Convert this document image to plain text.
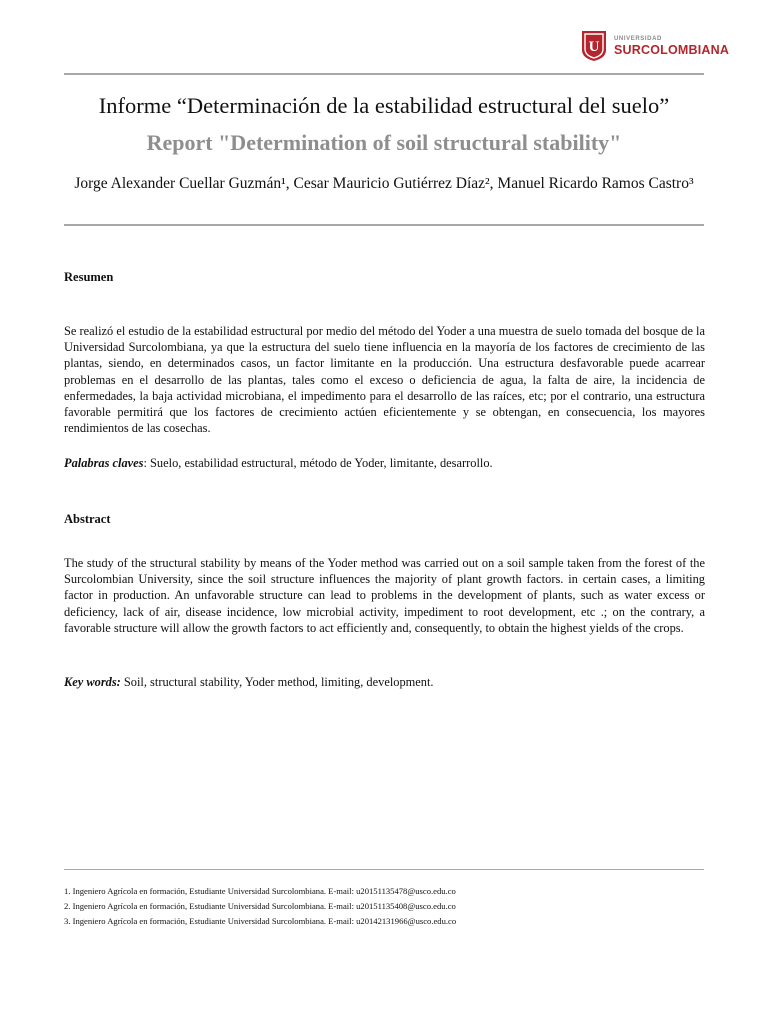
U
UNIVERSIDAD
SURCOLOMBIANA
Informe “Determinación de la estabilidad estructural del suelo”
Report "Determination of soil structural stability"

Jorge Alexander Cuellar Guzmán¹, Cesar Mauricio Gutiérrez Díaz², Manuel Ricardo Ramos Castro³

Resumen

Se realizó el estudio de la estabilidad estructural por medio del método del Yoder a una muestra de suelo tomada del bosque de la Universidad Surcolombiana, ya que la estructura del suelo tiene influencia en la mayoría de los factores de crecimiento de las plantas, siendo, en determinados casos, un factor limitante en la producción. Una estructura desfavorable puede acarrear problemas en el desarrollo de las plantas, tales como el exceso o deficiencia de agua, la falta de aire, la incidencia de enfermedades, la baja actividad microbiana, el impedimento para el desarrollo de las raíces, etc; por el contrario, una estructura favorable permitirá que los factores de crecimiento actúen eficientemente y se obtengan, en consecuencia, los mayores rendimientos de las cosechas.

Palabras claves: Suelo, estabilidad estructural, método de Yoder, limitante, desarrollo.

Abstract

The study of the structural stability by means of the Yoder method was carried out on a soil sample taken from the forest of the Surcolombian University, since the soil structure influences the majority of plant growth factors. in certain cases, a limiting factor in production. An unfavorable structure can lead to problems in the development of plants, such as water excess or deficiency, lack of air, disease incidence, low microbial activity, impediment to root development, etc .; on the contrary, a favorable structure will allow the growth factors to act efficiently and, consequently, to obtain the highest yields of the crops.

Key words: Soil, structural stability, Yoder method, limiting, development.

1. Ingeniero Agrícola en formación, Estudiante Universidad Surcolombiana. E-mail: u20151135478@usco.edu.co
2. Ingeniero Agrícola en formación, Estudiante Universidad Surcolombiana. E-mail: u20151135408@usco.edu.co
3. Ingeniero Agrícola en formación, Estudiante Universidad Surcolombiana. E-mail: u20142131966@usco.edu.co
